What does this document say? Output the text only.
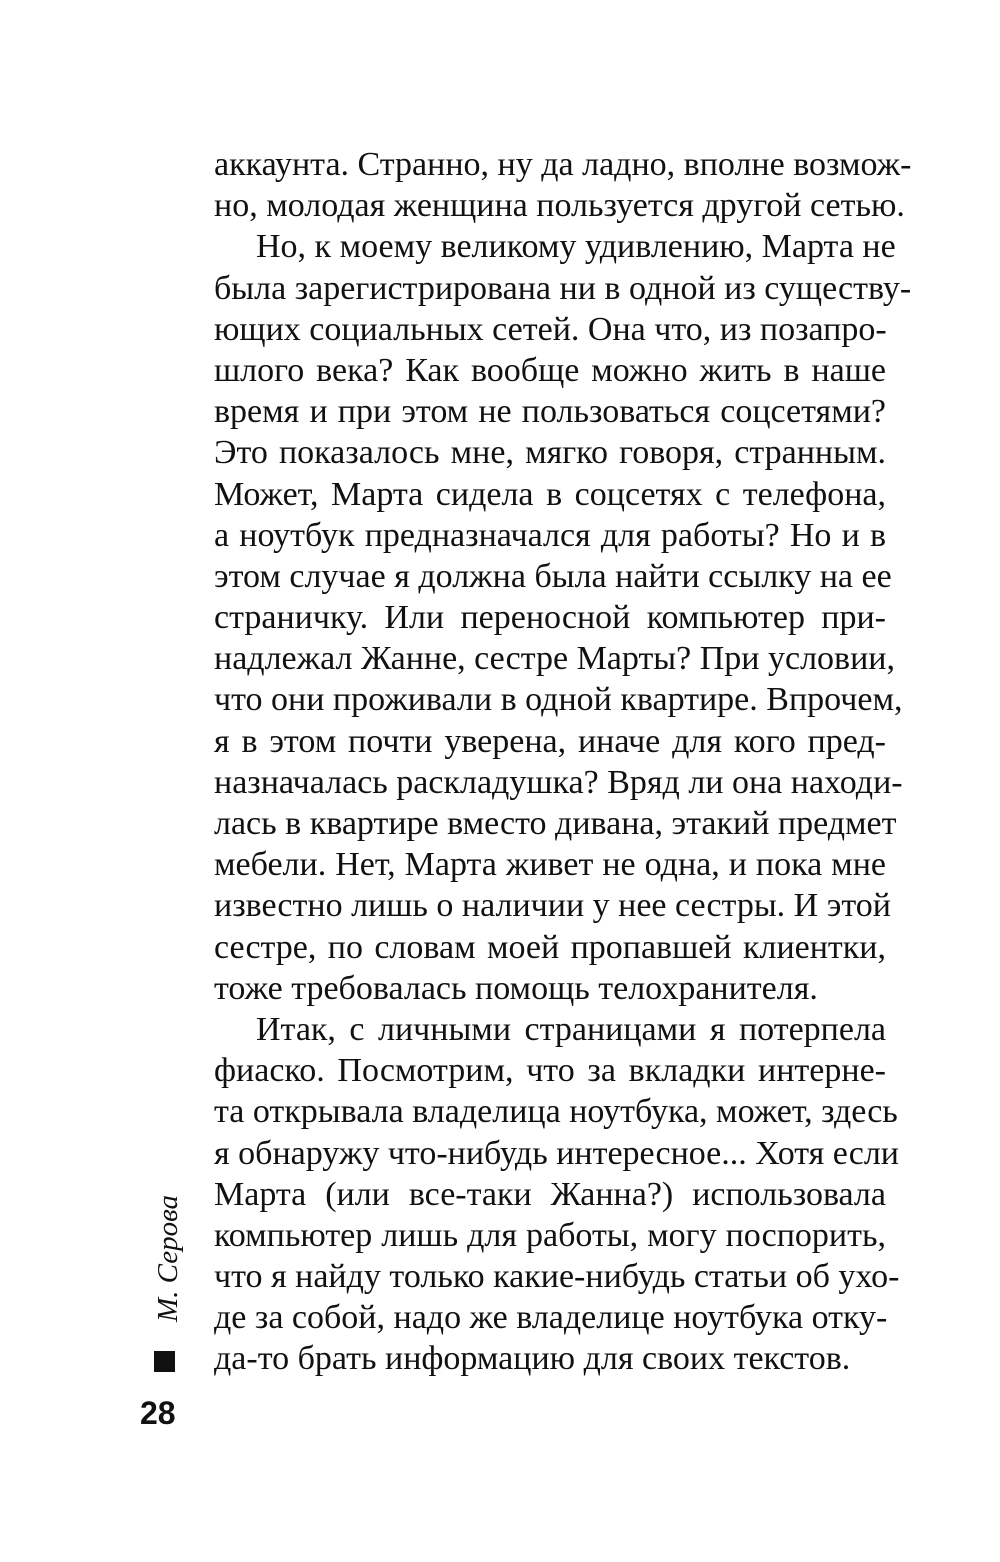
аккаунта. Странно, ну да ладно, вполне возмож-
но, молодая женщина пользуется другой сетью.
Но, к моему великому удивлению, Марта не
была зарегистрирована ни в одной из существу-
ющих социальных сетей. Она что, из позапро-
шлого века? Как вообще можно жить в наше
время и при этом не пользоваться соцсетями?
Это показалось мне, мягко говоря, странным.
Может, Марта сидела в соцсетях с телефона,
а ноутбук предназначался для работы? Но и в
этом случае я должна была найти ссылку на ее
страничку. Или переносной компьютер при-
надлежал Жанне, сестре Марты? При условии,
что они проживали в одной квартире. Впрочем,
я в этом почти уверена, иначе для кого пред-
назначалась раскладушка? Вряд ли она находи-
лась в квартире вместо дивана, этакий предмет
мебели. Нет, Марта живет не одна, и пока мне
известно лишь о наличии у нее сестры. И этой
сестре, по словам моей пропавшей клиентки,
тоже требовалась помощь телохранителя.
Итак, с личными страницами я потерпела
фиаско. Посмотрим, что за вкладки интерне-
та открывала владелица ноутбука, может, здесь
я обнаружу что-нибудь интересное... Хотя если
Марта (или все-таки Жанна?) использовала
компьютер лишь для работы, могу поспорить,
что я найду только какие-нибудь статьи об ухо-
де за собой, надо же владелице ноутбука отку-
да-то брать информацию для своих текстов.
М. Серова
28
